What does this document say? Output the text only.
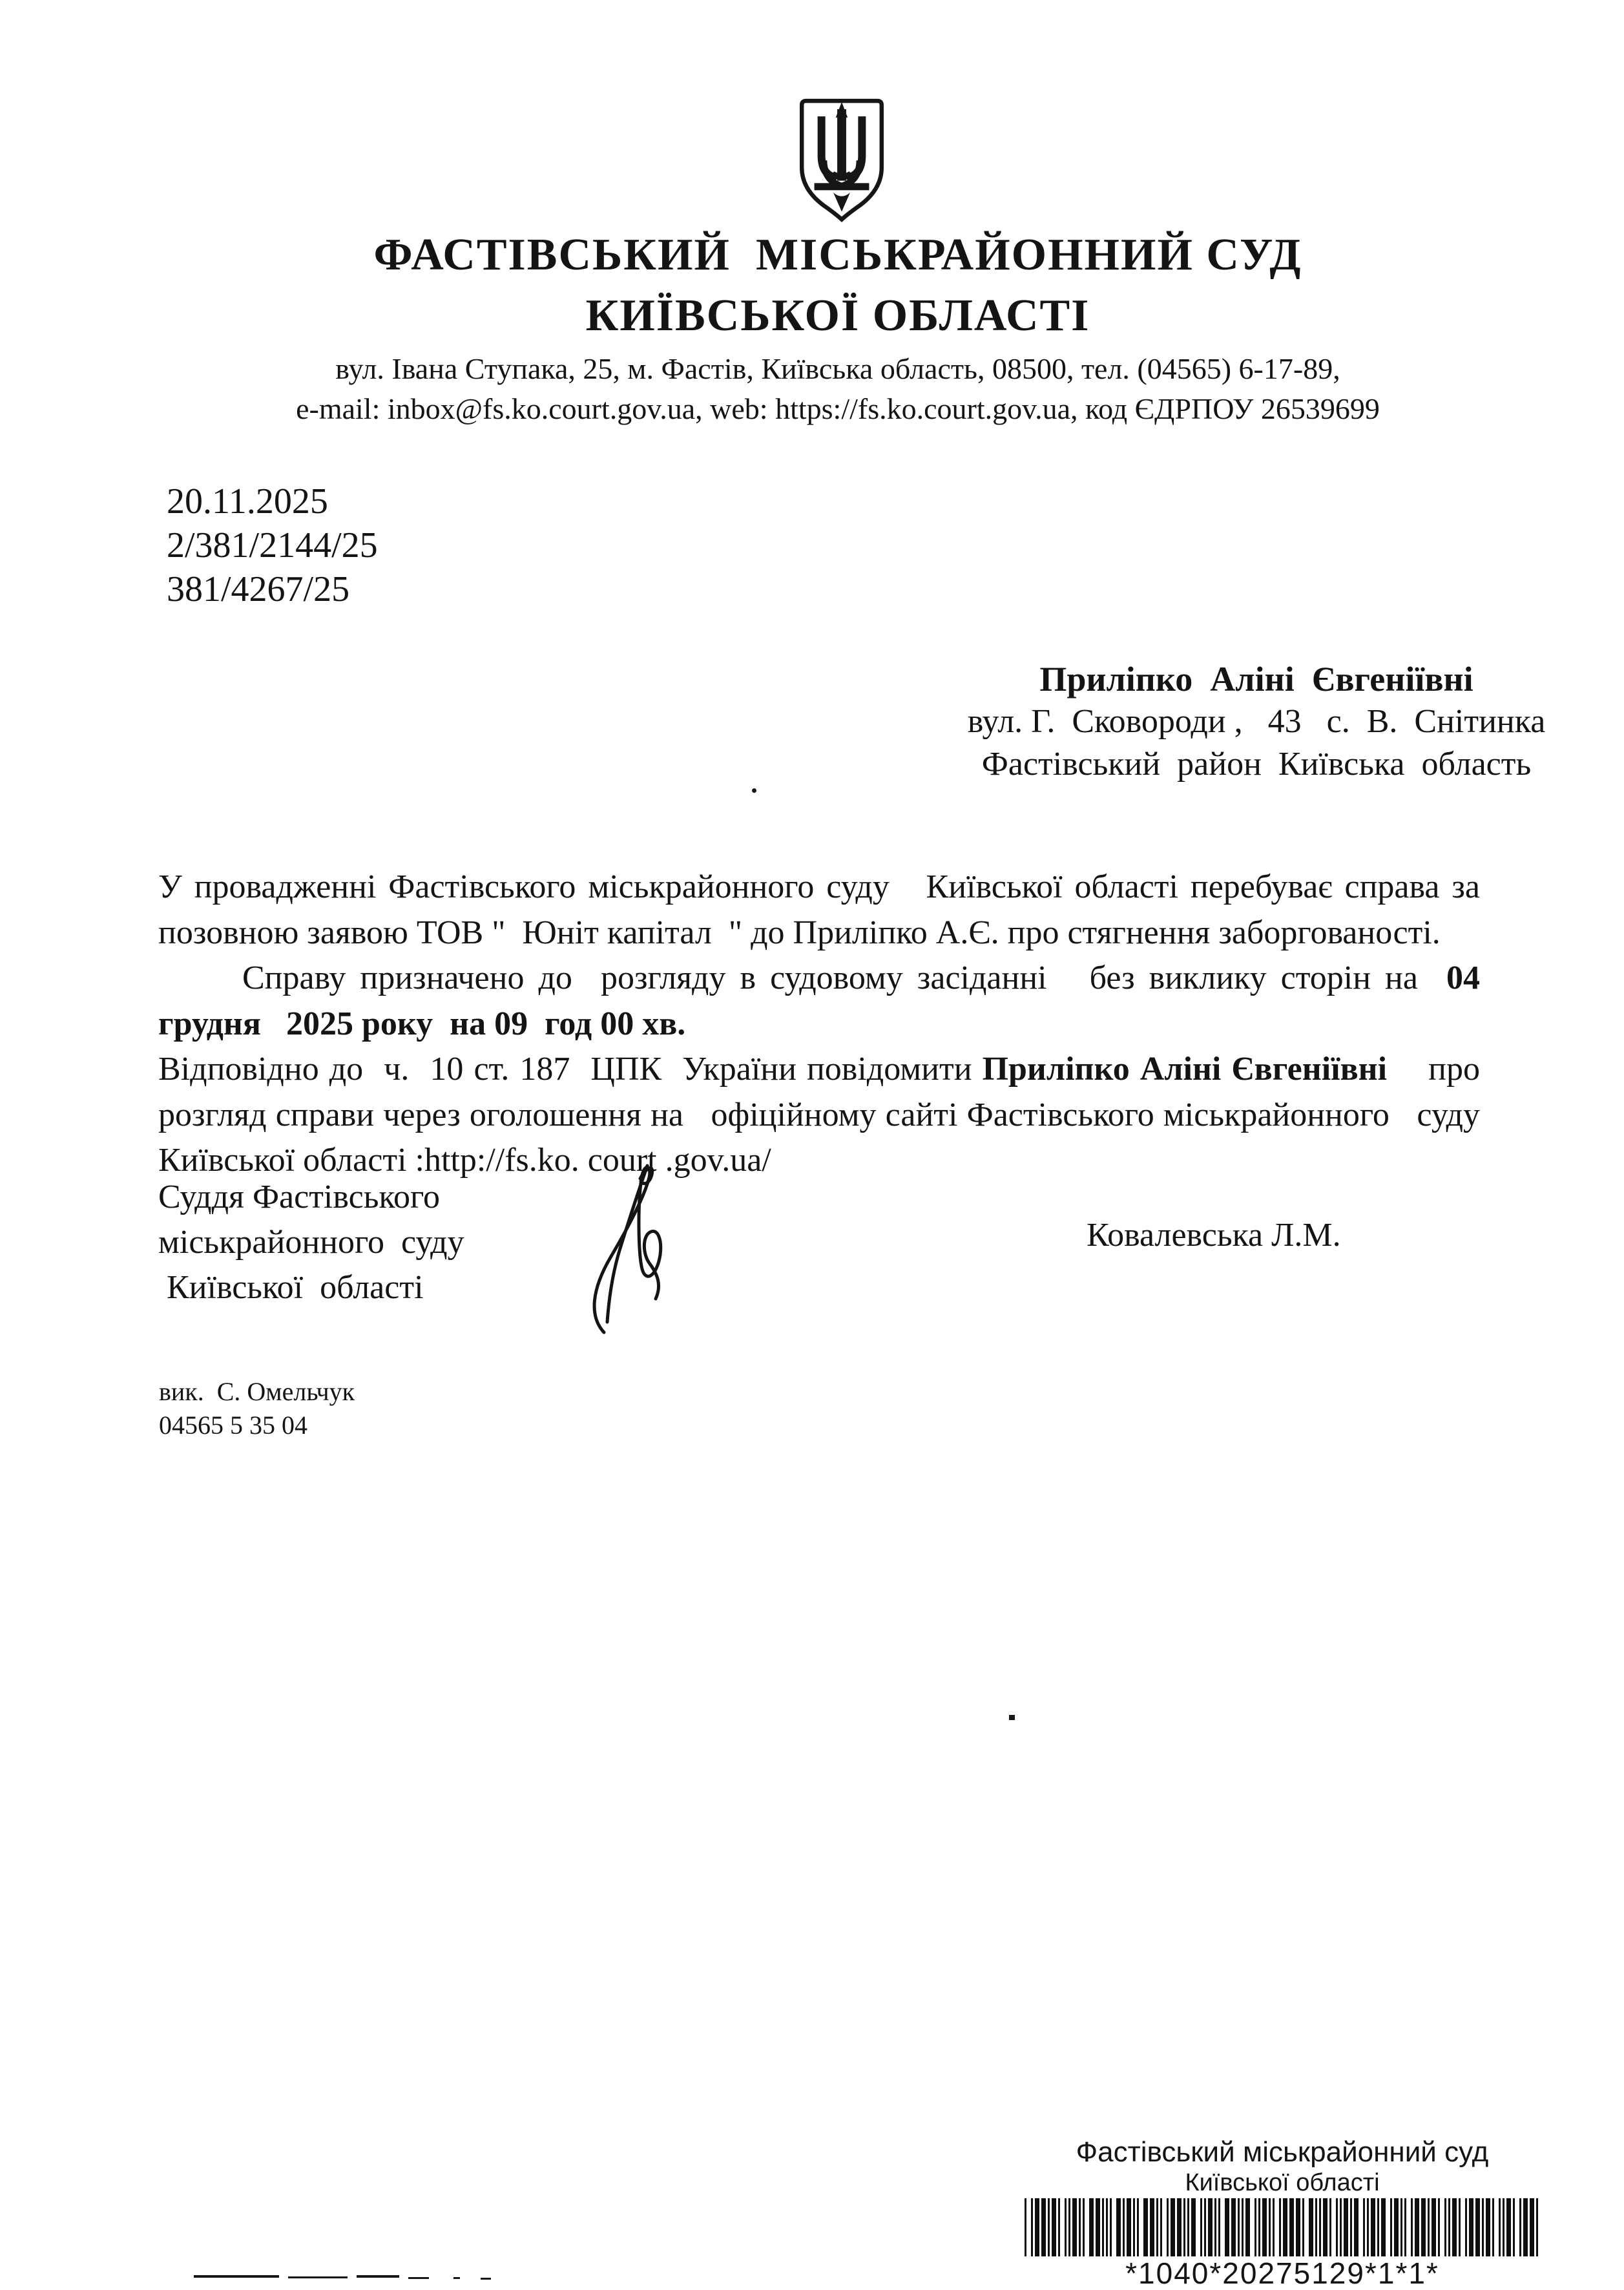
ФАСТІВСЬКИЙ  МІСЬКРАЙОННИЙ СУД
КИЇВСЬКОЇ ОБЛАСТІ
вул. Івана Ступака, 25, м. Фастів, Київська область, 08500, тел. (04565) 6-17-89,
e-mail: inbox@fs.ko.court.gov.ua, web: https://fs.ko.court.gov.ua, код ЄДРПОУ 26539699
20.11.2025
2/381/2144/25
381/4267/25
Приліпко  Аліні  Євгеніївні
вул. Г.  Сковороди ,   43   с.  В.  Снітинка
Фастівський  район  Київська  область
У провадженні Фастівського міськрайонного суду   Київської області перебуває справа за
позовною заявою ТОВ "  Юніт капітал  " до Приліпко А.Є. про стягнення заборгованості.
Справу призначено до  розгляду в судовому засіданні   без виклику сторін на  04
грудня   2025 року  на 09  год 00 хв.
Відповідно до  ч.  10 ст. 187  ЦПК  України повідомити Приліпко Аліні Євгеніївні    про
розгляд справи через оголошення на   офіційному сайті Фастівського міськрайонного   суду
Київської області :http://fs.ko. court .gov.ua/
Суддя Фастівського
міськрайонного  суду
Київської  області
Ковалевська Л.М.
вик.  С. Омельчук
04565 5 35 04
Фастівський міськрайонний суд
Київської області
*1040*20275129*1*1*
